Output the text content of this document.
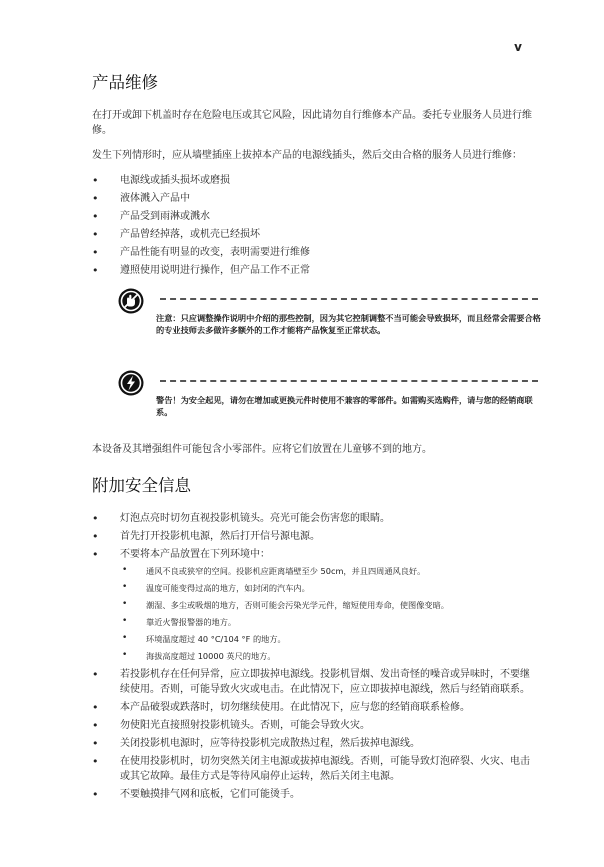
v
产品维修

在打开或卸下机盖时存在危险电压或其它风险，因此请勿自行维修本产品。委托专业服务人员进行维修。

发生下列情形时，应从墙壁插座上拔掉本产品的电源线插头，然后交由合格的服务人员进行维修：

• 电源线或插头损坏或磨损
• 液体溅入产品中
• 产品受到雨淋或溅水
• 产品曾经掉落，或机壳已经损坏
• 产品性能有明显的改变，表明需要进行维修
• 遵照使用说明进行操作，但产品工作不正常
注意：只应调整操作说明中介绍的那些控制，因为其它控制调整不当可能会导致损坏，而且经常会需要合格的专业技师去多做许多额外的工作才能将产品恢复至正常状态。
警告！为安全起见，请勿在增加或更换元件时使用不兼容的零部件。如需购买选购件，请与您的经销商联系。

本设备及其增强组件可能包含小零部件。应将它们放置在儿童够不到的地方。

附加安全信息
• 灯泡点亮时切勿直视投影机镜头。亮光可能会伤害您的眼睛。
• 首先打开投影机电源，然后打开信号源电源。
• 不要将本产品放置在下列环境中：
• 通风不良或狭窄的空间。投影机应距离墙壁至少 50cm，并且四周通风良好。
• 温度可能变得过高的地方，如封闭的汽车内。
• 潮湿、多尘或吸烟的地方，否则可能会污染光学元件，缩短使用寿命，使图像变暗。
• 靠近火警报警器的地方。
• 环境温度超过 40 °C/104 °F 的地方。
• 海拔高度超过 10000 英尺的地方。
• 若投影机存在任何异常，应立即拔掉电源线。投影机冒烟、发出奇怪的噪音或异味时，不要继续使用。否则，可能导致火灾或电击。在此情况下，应立即拔掉电源线，然后与经销商联系。
• 本产品破裂或跌落时，切勿继续使用。在此情况下，应与您的经销商联系检修。
• 勿使阳光直接照射投影机镜头。否则，可能会导致火灾。
• 关闭投影机电源时，应等待投影机完成散热过程，然后拔掉电源线。
• 在使用投影机时，切勿突然关闭主电源或拔掉电源线。否则，可能导致灯泡碎裂、火灾、电击或其它故障。最佳方式是等待风扇停止运转，然后关闭主电源。
• 不要触摸排气网和底板，它们可能烫手。
